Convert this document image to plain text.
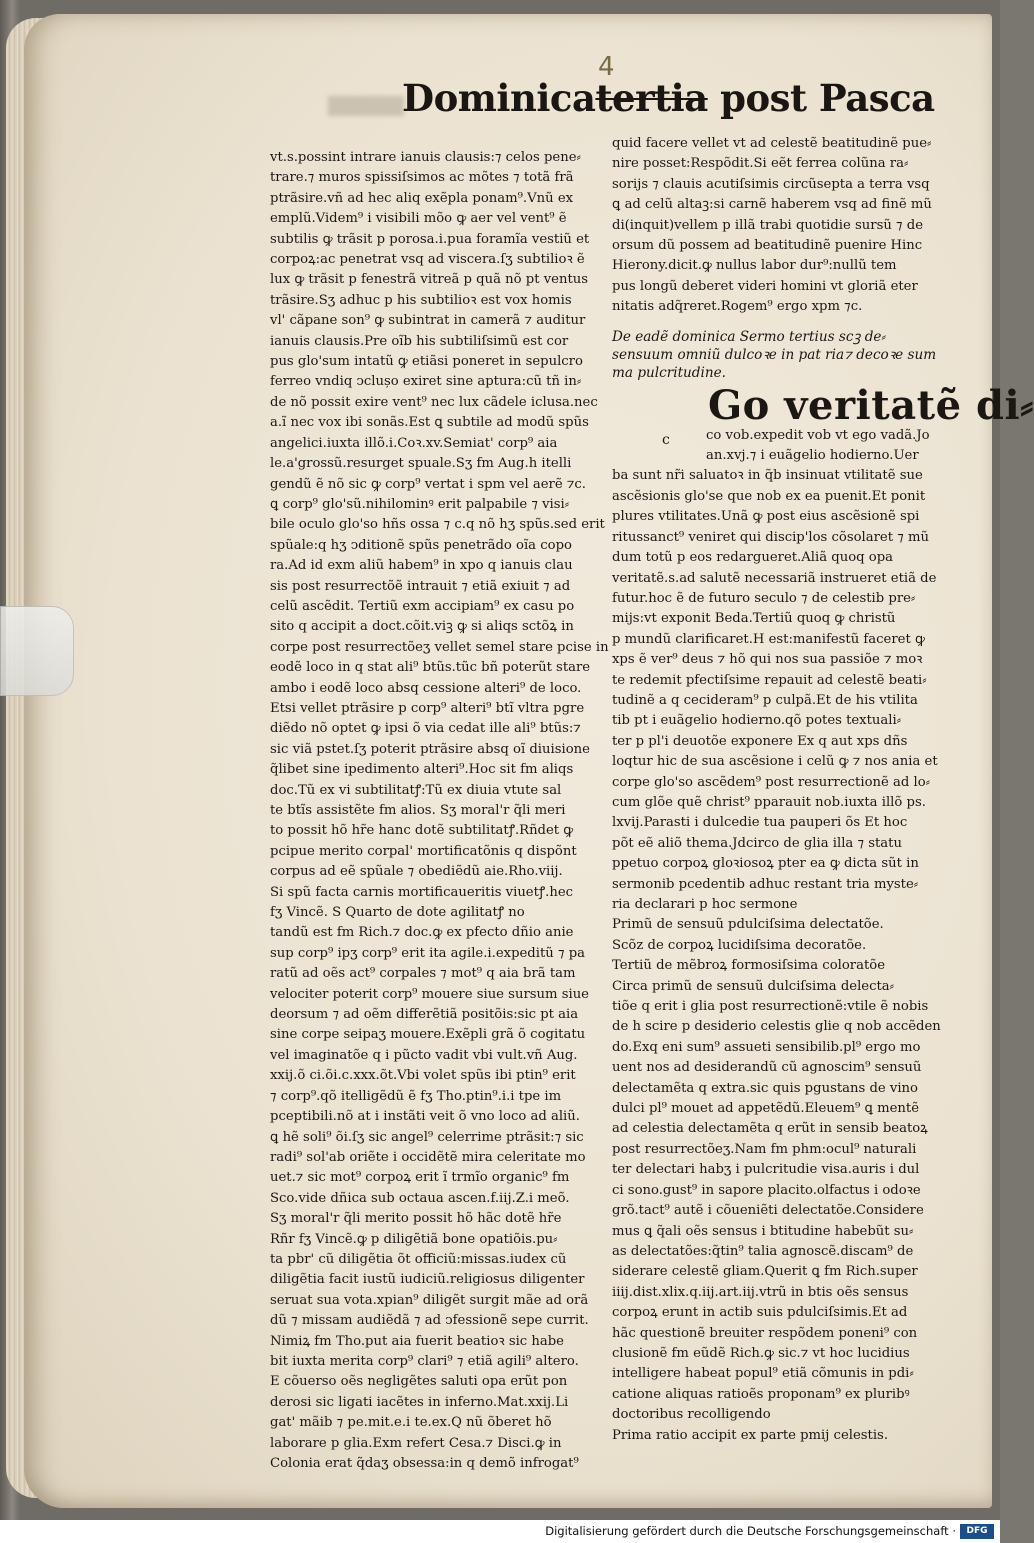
4
Dominicatertia post Pasca
vt.s.possint intrare ianuis clausis:⁊ celos pene⸗
trare.⁊ muros spissiſsimos ac mõtes ⁊ totã frã
ptrãsire.vñ ad hec aliq exẽpla ponam⁹.Vnũ ex
emplũ.Videm⁹ i visibili mõo ꝙ aer vel vent⁹ ẽ
subtilis ꝙ trãsit p porosa.i.pua foramĩa vestiũ et
corpoꝝ:ac penetrat vsq ad viscera.ſʒ subtilioꝛ ẽ
lux ꝙ trãsit p fenestrã vitreã p quã nõ pt ventus
trãsire.Sʒ adhuc p his subtilioꝛ est vox homis
vl' cãpane son⁹ ꝙ subintrat in camerã ⁊ auditur
ianuis clausis.Pre oĩb his subtiliſsimũ est cor
pus glo'sum intatũ ꝙ etiãsi poneret in sepulcro
ferreo vndiq ↄclușo exiret sine aptura:cũ tñ in⸗
de nõ possit exire vent⁹ nec lux cãdele iclusa.nec
a.ĩ nec vox ibi sonãs.Est ꝗ subtile ad modũ spũs
angelici.iuxta illõ.i.Coꝛ.xv.Semiat' corp⁹ aia
le.a'grossũ.resurget spuale.Sʒ fm Aug.h itelli
gendũ ẽ nõ sic ꝙ corp⁹ vertat i spm vel aerẽ ⁊c.
ꝗ corp⁹ glo'sũ.nihilominꝰ erit palpabile ⁊ visi⸗
bile oculo glo'so hñs ossa ⁊ c.q nõ hʒ spũs.sed erit
spũale:q hʒ ↄditionẽ spũs penetrãdo oĩa copo
ra.Ad id exm aliũ habem⁹ in xpo q ianuis clau
sis post resurrectõẽ intrauit ⁊ etiã exiuit ⁊ ad
celũ ascẽdit. Tertiũ exm accipiam⁹ ex casu po
sito q accipit a doct.cõit.viꝫ ꝙ si aliqs sctõꝝ in
corpe post resurrectõeʒ vellet semel stare pcise in
eodẽ loco in q stat ali⁹ btũs.tũc bñ poterũt stare
ambo i eodẽ loco absq cessione alteri⁹ de loco.
Etsi vellet ptrãsire p corp⁹ alteri⁹ btĩ vltra pgre
diẽdo nõ optet ꝙ ipsi õ via cedat ille ali⁹ btũs:⁊
sic viã pstet.ſʒ poterit ptrãsire absq oĩ diuisione
q̃libet sine ipedimento alteri⁹.Hoc sit fm aliqs
doc.Tũ ex vi subtilitatꝭ:Tũ ex diuia vtute sal
te btĩs assistẽte fm alios. Sʒ moral'r q̃li meri
to possit hõ hr̃e hanc dotẽ subtilitatꝭ.Rñdet ꝙ
pcipue merito corpal' mortificatõnis q dispõnt
corpus ad eẽ spũale ⁊ obediẽdũ aie.Rho.viij.
Si spũ facta carnis mortificaueritis viuetꝭ.hec
fʒ Vincẽ. S Quarto de dote agilitatꝭ no
tandũ est fm Rich.⁊ doc.ꝙ ex pfecto dñio anie
sup corp⁹ ipʒ corp⁹ erit ita agile.i.expeditũ ⁊ pa
ratũ ad oẽs act⁹ corpales ⁊ mot⁹ q aia brã tam
velociter poterit corp⁹ mouere siue sursum siue
deorsum ⁊ ad oẽm differẽtiã positõis:sic pt aia
sine corpe seipaʒ mouere.Exẽpli grã õ cogitatu
vel imaginatõe q i pũcto vadit vbi vult.vñ Aug.
xxij.õ ci.õi.c.xxx.õt.Vbi volet spũs ibi ptin⁹ erit
⁊ corp⁹.qõ itelligẽdũ ẽ fʒ Tho.ptin⁹.i.i tpe im
pceptibili.nõ at i instãti veit õ vno loco ad aliũ.
ꝗ hẽ soli⁹ õi.ſʒ sic angel⁹ celerrime ptrãsit:⁊ sic
radi⁹ sol'ab oriẽte i occidẽtẽ mira celeritate mo
uet.⁊ sic mot⁹ corpoꝝ erit ĩ trmĩo organic⁹ fm
Sco.vide dñica sub octaua ascen.f.iij.Z.i meõ.
Sʒ moral'r q̃li merito possit hõ hãc dotẽ hr̃e
Rñr fʒ Vincẽ.ꝙ p diligẽtiã bone opatiõis.pu⸗
ta pbr' cũ diligẽtia õt officiũ:missas.iudex cũ
diligẽtia facit iustũ iudiciũ.religiosus diligenter
seruat sua vota.xpian⁹ diligẽt surgit mãe ad orã
dũ ⁊ missam audiẽdã ⁊ ad ↄfessionẽ sepe currit.
Nimiꝝ fm Tho.put aia fuerit beatioꝛ sic habe
bit iuxta merita corp⁹ clari⁹ ⁊ etiã agili⁹ altero.
E cõuerso oẽs negligẽtes saluti opa erũt pon
derosi sic ligati iacẽtes in inferno.Mat.xxij.Li
gat' mãib ⁊ pe.mit.e.i te.ex.Q nũ õberet hõ
laborare p glia.Exm refert Cesa.⁊ Disci.ꝙ in
Colonia erat q̃daʒ obsessa:in q demõ infrogat⁹
quid facere vellet vt ad celestẽ beatitudinẽ pue⸗
nire posset:Respõdit.Si eẽt ferrea colũna ra⸗
sorijs ⁊ clauis acutiſsimis circũsepta a terra vsq
ꝗ ad celũ altaꝫ:si carnẽ haberem vsq ad finẽ mũ
di(inquit)vellem p illã trabi quotidie sursũ ⁊ de
orsum dũ possem ad beatitudinẽ puenire Hinc
Hierony.dicit.ꝙ nullus labor dur⁹:nullũ tem
pus longũ deberet videri homini vt gloriã eter
nitatis adq̃reret.Rogem⁹ ergo xpm ⁊c.
De eadẽ dominica Sermo tertius scꝫ de⸗
sensuum omniũ dulcoꝛe in pat ria⁊ decoꝛe sum
ma pulcritudine.
Go veritatẽ di⸗
c	co vob.expedit vob vt ego vadã.Jo
an.xvj.⁊ i euãgelio hodierno.Uer
ba sunt nr̃i saluatoꝛ in q̃b insinuat vtilitatẽ sue
ascẽsionis glo'se que nob ex ea puenit.Et ponit
plures vtilitates.Unã ꝙ post eius ascẽsionẽ spi
ritussanct⁹ veniret qui discip'los cõsolaret ⁊ mũ
dum totũ p eos redargueret.Aliã quoq opa
veritatẽ.s.ad salutẽ necessariã instrueret etiã de
futur.hoc ẽ de futuro seculo ⁊ de celestib pre⸗
mijs:vt exponit Beda.Tertiũ quoq ꝙ christũ
p mundũ clarificaret.H est:manifestũ faceret ꝙ
xps ẽ ver⁹ deus ⁊ hõ qui nos sua passiõe ⁊ moꝛ
te redemit pfectiſsime repauit ad celestẽ beati⸗
tudinẽ a q cecideram⁹ p culpã.Et de his vtilita
tib pt i euãgelio hodierno.qõ potes textuali⸗
ter p pl'i deuotõe exponere Ex q aut xps dñs
loqtur hic de sua ascẽsione i celũ ꝙ ⁊ nos ania et
corpe glo'so ascẽdem⁹ post resurrectionẽ ad lo⸗
cum glõe quẽ christ⁹ pparauit nob.iuxta illõ ps.
lxvij.Parasti i dulcedie tua pauperi õs Et hoc
põt eẽ aliõ thema.Jdcirco de glia illa ⁊ statu
ppetuo corpoꝝ gloꝛiosoꝝ pter ea ꝙ dicta sũt in
sermonib pcedentib adhuc restant tria myste⸗
ria declarari p hoc sermone
Primũ de sensuũ pdulciſsima delectatõe.
Scõz de corpoꝝ lucidiſsima decoratõe.
Tertiũ de mẽbroꝝ formosiſsima coloratõe
Circa primũ de sensuũ dulciſsima delecta⸗
tiõe q erit i glia post resurrectionẽ:vtile ẽ nobis
de h scire p desiderio celestis glie q nob accẽden
do.Exq eni sum⁹ assueti sensibilib.pl⁹ ergo mo
uent nos ad desiderandũ cũ agnoscim⁹ sensuũ
delectamẽta q extra.sic quis pgustans de vino
dulci pl⁹ mouet ad appetẽdũ.Eleuem⁹ ꝗ mentẽ
ad celestia delectamẽta q erũt in sensib beatoꝝ
post resurrectõeʒ.Nam fm phm:ocul⁹ naturali
ter delectari habʒ i pulcritudie visa.auris i dul
ci sono.gust⁹ in sapore placito.olfactus i odoꝛe
grõ.tact⁹ autẽ i cõueniẽti delectatõe.Considere
mus ꝗ q̃ali oẽs sensus i btitudine habebũt su⸗
as delectatões:q̃tin⁹ talia agnoscẽ.discam⁹ de
siderare celestẽ gliam.Querit ꝗ fm Rich.super
iiij.dist.xlix.q.iij.art.iij.vtrũ in btis oẽs sensus
corpoꝝ erunt in actib suis pdulciſsimis.Et ad
hãc questionẽ breuiter respõdem poneni⁹ con
clusionẽ fm eũdẽ Rich.ꝙ sic.⁊ vt hoc lucidius
intelligere habeat popul⁹ etiã cõmunis in pdi⸗
catione aliquas ratioẽs proponam⁹ ex pluribꝰ
doctoribus recolligendo
Prima ratio accipit ex parte pmij celestis.
Digitalisierung gefördert durch die Deutsche Forschungsgemeinschaft ·	DFG
